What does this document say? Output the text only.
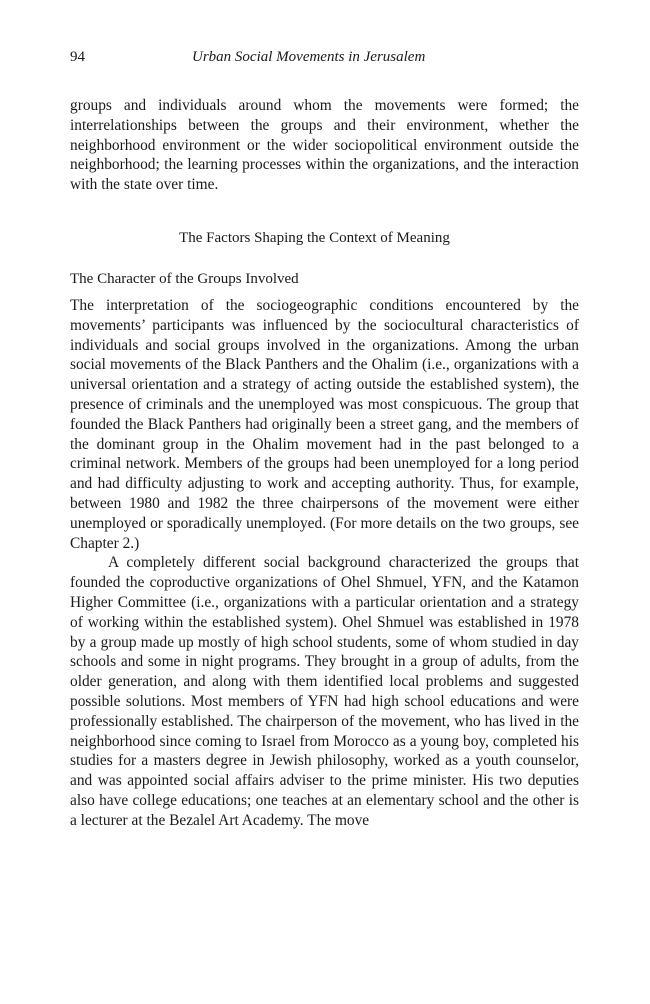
94	Urban Social Movements in Jerusalem

groups and individuals around whom the movements were formed; the interrelationships between the groups and their environment, whether the neighborhood environment or the wider sociopolitical environment outside the neighborhood; the learning processes within the organizations, and the interaction with the state over time.

The Factors Shaping the Context of Meaning
The Character of the Groups Involved

The interpretation of the sociogeographic conditions encountered by the movements’ participants was influenced by the sociocultural characteristics of individuals and social groups involved in the organizations. Among the urban social movements of the Black Panthers and the Ohalim (i.e., organizations with a universal orientation and a strategy of acting outside the established system), the presence of criminals and the unemployed was most conspicuous. The group that founded the Black Panthers had originally been a street gang, and the members of the dominant group in the Ohalim movement had in the past belonged to a criminal network. Members of the groups had been unemployed for a long period and had difficulty adjusting to work and accepting authority. Thus, for example, between 1980 and 1982 the three chairpersons of the movement were either unemployed or sporadically unemployed. (For more details on the two groups, see Chapter 2.)

A completely different social background characterized the groups that founded the coproductive organizations of Ohel Shmuel, YFN, and the Katamon Higher Committee (i.e., organizations with a particular orientation and a strategy of working within the established system). Ohel Shmuel was established in 1978 by a group made up mostly of high school students, some of whom studied in day schools and some in night programs. They brought in a group of adults, from the older generation, and along with them identified local problems and suggested possible solutions. Most members of YFN had high school educations and were professionally established. The chairperson of the movement, who has lived in the neighborhood since coming to Israel from Morocco as a young boy, completed his studies for a masters degree in Jewish philosophy, worked as a youth counselor, and was appointed social affairs adviser to the prime minister. His two deputies also have college educations; one teaches at an elementary school and the other is a lecturer at the Bezalel Art Academy. The move
